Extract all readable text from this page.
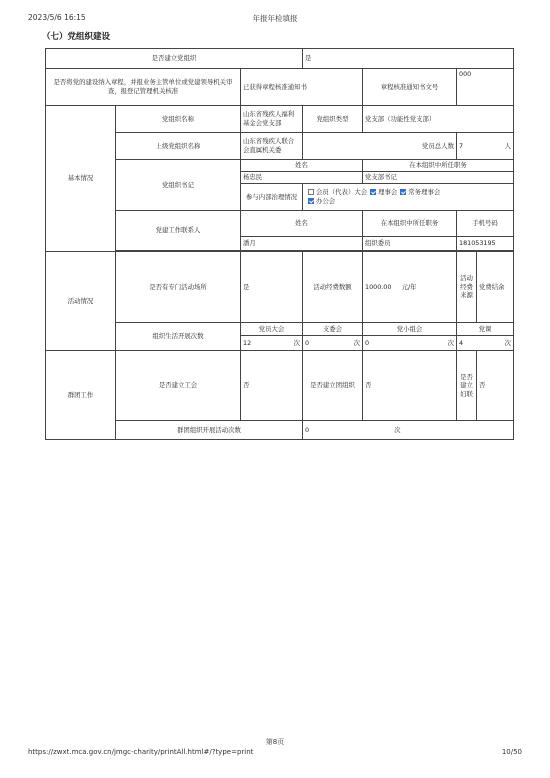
2023/5/6 16:15	年报年检填报
（七）党组织建设
是否建立党组织			是			
是否将党的建设纳入章程，并报业务主管单位或党建领导机关审查，报登记管理机关核准		已获得章程核准通知书		章程核准通知书文号	000	
基本情况	党组织名称	山东省残疾人福利基金会党支部	党组织类型	党支部（功能性党支部）		
	上级党组织名称	山东省残疾人联合会直属机关委	党员总人数		7 人	

	党组织书记	姓名		在本组织中所任职务		
		杨忠民		党支部书记		
		参与内部治理情况	会员（代表）大会 理事会 常务理事会
办公会			
	党建工作联系人	姓名		在本组织中所任职务	手机号码	
		潘月		组织委员	181053195	

活动情况	是否有专门活动场所	是	活动经费数额	1000.00 元/年	活动经费来源	党费结余
	组织生活开展次数	党员大会	支委会	党小组会	党课	

		12 次	0 次	0 次	4 次	

群团工作	是否建立工会	否	是否建立团组织	否	是否建立妇联	否
	群团组织开展活动次数		0 次			
第8页
https://zwxt.mca.gov.cn/jmgc-charity/printAll.html#/?type=print	10/50
